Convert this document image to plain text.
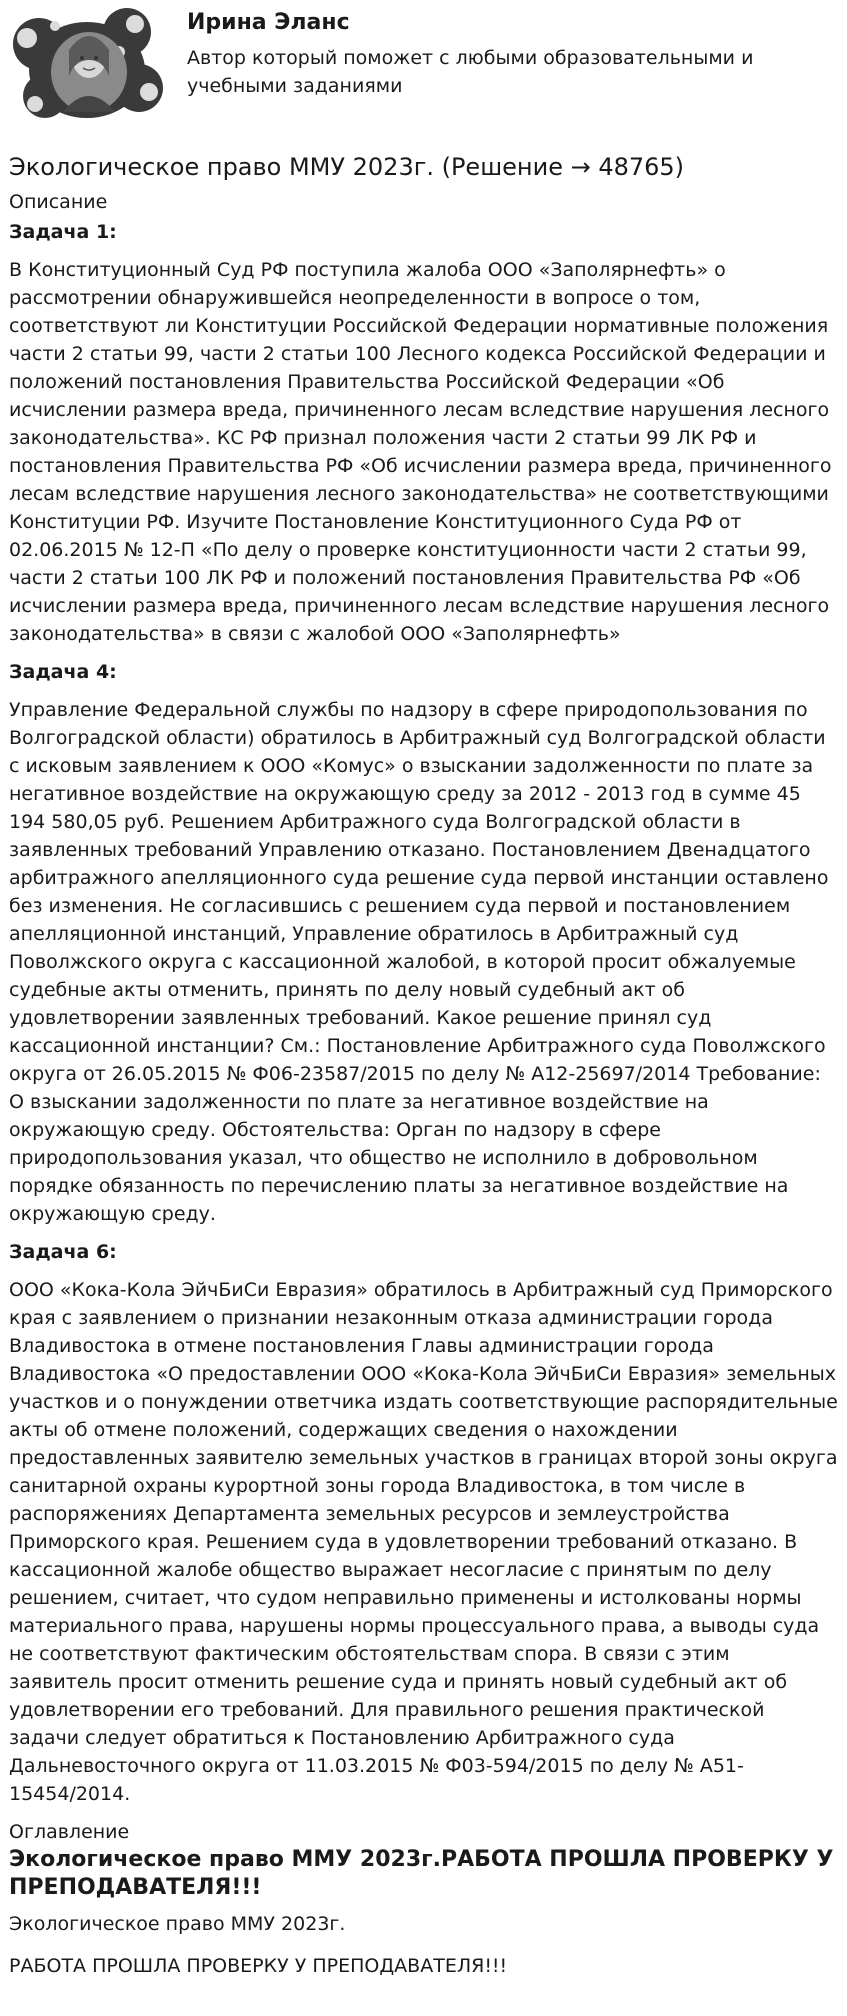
Ирина Эланс
Автор который поможет с любыми образовательными и учебными заданиями
Экологическое право ММУ 2023г. (Решение → 48765)
Описание
Задача 1:
В Конституционный Суд РФ поступила жалоба ООО «Заполярнефть» о рассмотрении обнаружившейся неопределенности в вопросе о том, соответствуют ли Конституции Российской Федерации нормативные положения части 2 статьи 99, части 2 статьи 100 Лесного кодекса Российской Федерации и положений постановления Правительства Российской Федерации «Об исчислении размера вреда, причиненного лесам вследствие нарушения лесного законодательства». КС РФ признал положения части 2 статьи 99 ЛК РФ и постановления Правительства РФ «Об исчислении размера вреда, причиненного лесам вследствие нарушения лесного законодательства» не соответствующими Конституции РФ. Изучите Постановление Конституционного Суда РФ от 02.06.2015 № 12-П «По делу о проверке конституционности части 2 статьи 99, части 2 статьи 100 ЛК РФ и положений постановления Правительства РФ «Об исчислении размера вреда, причиненного лесам вследствие нарушения лесного законодательства» в связи с жалобой ООО «Заполярнефть»
Задача 4:
Управление Федеральной службы по надзору в сфере природопользования по Волгоградской области) обратилось в Арбитражный суд Волгоградской области с исковым заявлением к ООО «Комус» о взыскании задолженности по плате за негативное воздействие на окружающую среду за 2012 - 2013 год в сумме 45 194 580,05 руб. Решением Арбитражного суда Волгоградской области в заявленных требований Управлению отказано. Постановлением Двенадцатого арбитражного апелляционного суда решение суда первой инстанции оставлено без изменения. Не согласившись с решением суда первой и постановлением апелляционной инстанций, Управление обратилось в Арбитражный суд Поволжского округа с кассационной жалобой, в которой просит обжалуемые судебные акты отменить, принять по делу новый судебный акт об удовлетворении заявленных требований. Какое решение принял суд кассационной инстанции? См.: Постановление Арбитражного суда Поволжского округа от 26.05.2015 № Ф06-23587/2015 по делу № А12-25697/2014 Требование: О взыскании задолженности по плате за негативное воздействие на окружающую среду. Обстоятельства: Орган по надзору в сфере природопользования указал, что общество не исполнило в добровольном порядке обязанность по перечислению платы за негативное воздействие на окружающую среду.
Задача 6:
ООО «Кока-Кола ЭйчБиСи Евразия» обратилось в Арбитражный суд Приморского края с заявлением о признании незаконным отказа администрации города Владивостока в отмене постановления Главы администрации города Владивостока «О предоставлении ООО «Кока-Кола ЭйчБиСи Евразия» земельных участков и о понуждении ответчика издать соответствующие распорядительные акты об отмене положений, содержащих сведения о нахождении предоставленных заявителю земельных участков в границах второй зоны округа санитарной охраны курортной зоны города Владивостока, в том числе в распоряжениях Департамента земельных ресурсов и землеустройства Приморского края. Решением суда в удовлетворении требований отказано. В кассационной жалобе общество выражает несогласие с принятым по делу решением, считает, что судом неправильно применены и истолкованы нормы материального права, нарушены нормы процессуального права, а выводы суда не соответствуют фактическим обстоятельствам спора. В связи с этим заявитель просит отменить решение суда и принять новый судебный акт об удовлетворении его требований. Для правильного решения практической задачи следует обратиться к Постановлению Арбитражного суда Дальневосточного округа от 11.03.2015 № Ф03-594/2015 по делу № А51-15454/2014.
Оглавление
Экологическое право ММУ 2023г.РАБОТА ПРОШЛА ПРОВЕРКУ У ПРЕПОДАВАТЕЛЯ!!!
Экологическое право ММУ 2023г.
РАБОТА ПРОШЛА ПРОВЕРКУ У ПРЕПОДАВАТЕЛЯ!!!
